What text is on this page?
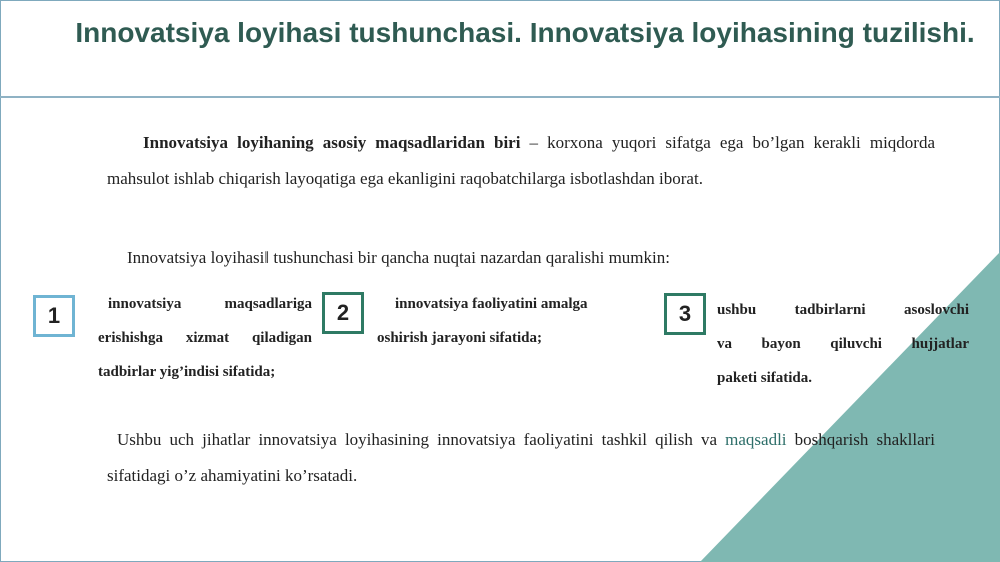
Innovatsiya loyihasi tushunchasi. Innovatsiya loyihasining tuzilishi.

Innovatsiya loyihaning asosiy maqsadlaridan biri – korxona yuqori sifatga ega bo’lgan kerakli miqdorda mahsulot ishlab chiqarish layoqatiga ega ekanligini raqobatchilarga isbotlashdan iborat.

Innovatsiya loyihasi‖ tushunchasi bir qancha nuqtai nazardan qaralishi mumkin:

1	innovatsiya maqsadlariga erishishga xizmat qiladigan tadbirlar yig’indisi sifatida;
2	innovatsiya faoliyatini amalga oshirish jarayoni sifatida;
3	ushbu tadbirlarni asoslovchi
va bayon qiluvchi hujjatlar
paketi sifatida.

Ushbu uch jihatlar innovatsiya loyihasining innovatsiya faoliyatini tashkil qilish va maqsadli boshqarish shakllari sifatidagi o’z ahamiyatini ko’rsatadi.
